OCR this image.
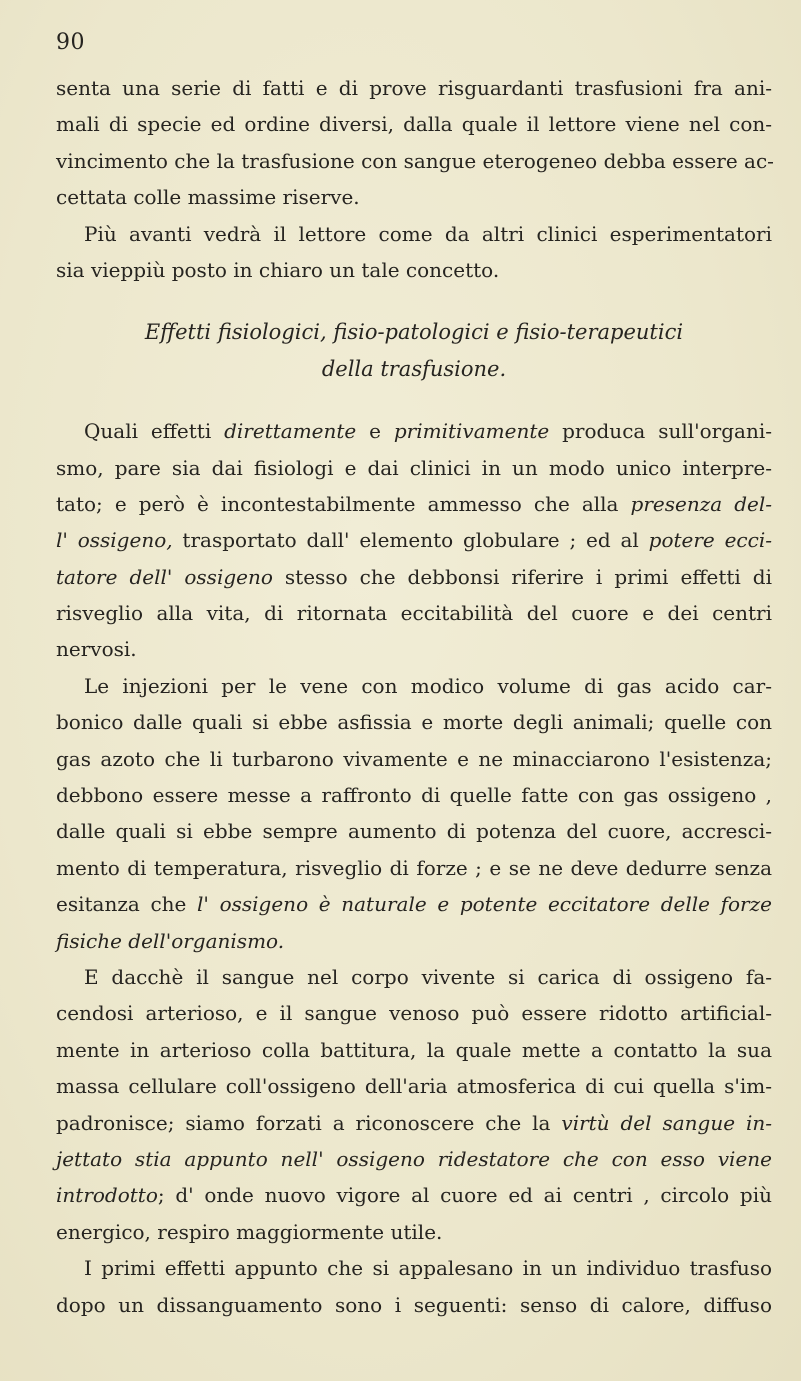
90
senta una serie di fatti e di prove risguardanti trasfusioni fra ani-
mali di specie ed ordine diversi, dalla quale il lettore viene nel con-
vincimento che la trasfusione con sangue eterogeneo debba essere ac-
cettata colle massime riserve.
Più avanti vedrà il lettore come da altri clinici esperimentatori
sia vieppiù posto in chiaro un tale concetto.
Effetti fisiologici, fisio-patologici e fisio-terapeutici
della trasfusione.
Quali effetti direttamente e primitivamente produca sull'organi-
smo, pare sia dai fisiologi e dai clinici in un modo unico interpre-
tato; e però è incontestabilmente ammesso che alla presenza del-
l' ossigeno, trasportato dall' elemento globulare ; ed al potere ecci-
tatore dell' ossigeno stesso che debbonsi riferire i primi effetti di
risveglio alla vita, di ritornata eccitabilità del cuore e dei centri
nervosi.
Le injezioni per le vene con modico volume di gas acido car-
bonico dalle quali si ebbe asfissia e morte degli animali; quelle con
gas azoto che li turbarono vivamente e ne minacciarono l'esistenza;
debbono essere messe a raffronto di quelle fatte con gas ossigeno ,
dalle quali si ebbe sempre aumento di potenza del cuore, accresci-
mento di temperatura, risveglio di forze ; e se ne deve dedurre senza
esitanza che l' ossigeno è naturale e potente eccitatore delle forze
fisiche dell'organismo.
E dacchè il sangue nel corpo vivente si carica di ossigeno fa-
cendosi arterioso, e il sangue venoso può essere ridotto artificial-
mente in arterioso colla battitura, la quale mette a contatto la sua
massa cellulare coll'ossigeno dell'aria atmosferica di cui quella s'im-
padronisce; siamo forzati a riconoscere che la virtù del sangue in-
jettato stia appunto nell' ossigeno ridestatore che con esso viene
introdotto; d' onde nuovo vigore al cuore ed ai centri , circolo più
energico, respiro maggiormente utile.
I primi effetti appunto che si appalesano in un individuo trasfuso
dopo un dissanguamento sono i seguenti: senso di calore, diffuso
